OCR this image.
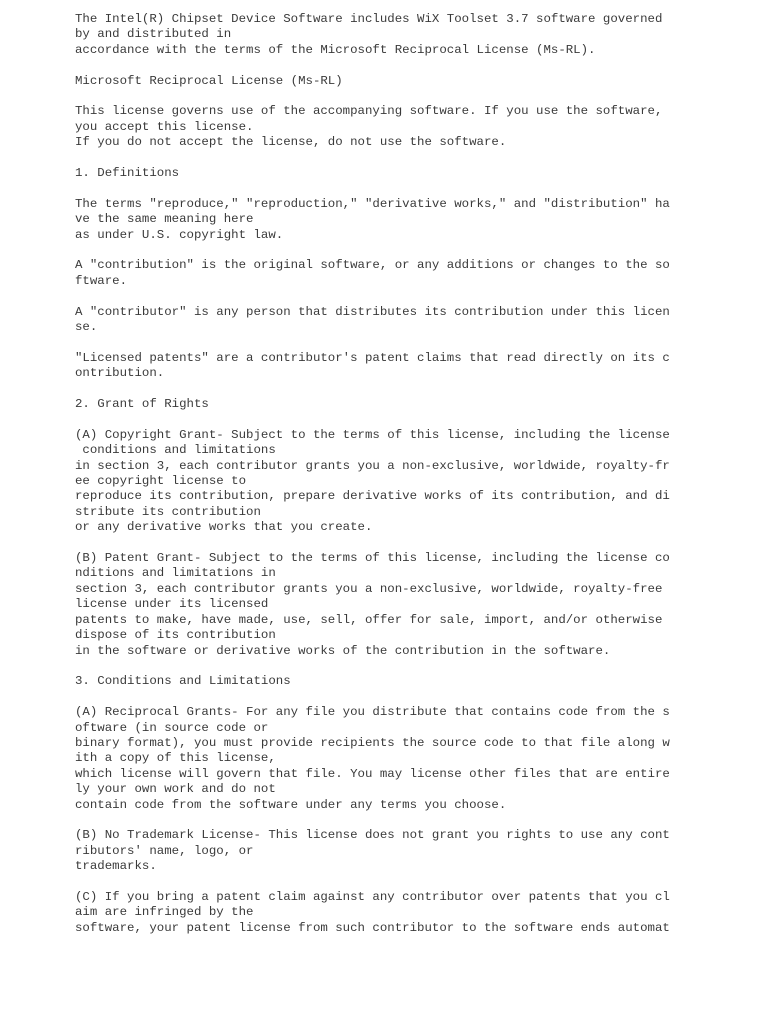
The Intel(R) Chipset Device Software includes WiX Toolset 3.7 software governed
by and distributed in
accordance with the terms of the Microsoft Reciprocal License (Ms-RL).
Microsoft Reciprocal License (Ms-RL)
This license governs use of the accompanying software. If you use the software,
you accept this license.
If you do not accept the license, do not use the software.
1. Definitions
The terms "reproduce," "reproduction," "derivative works," and "distribution" ha
ve the same meaning here
as under U.S. copyright law.
A "contribution" is the original software, or any additions or changes to the so
ftware.
A "contributor" is any person that distributes its contribution under this licen
se.
"Licensed patents" are a contributor's patent claims that read directly on its c
ontribution.
2. Grant of Rights
(A) Copyright Grant- Subject to the terms of this license, including the license
conditions and limitations
in section 3, each contributor grants you a non-exclusive, worldwide, royalty-fr
ee copyright license to
reproduce its contribution, prepare derivative works of its contribution, and di
stribute its contribution
or any derivative works that you create.
(B) Patent Grant- Subject to the terms of this license, including the license co
nditions and limitations in
section 3, each contributor grants you a non-exclusive, worldwide, royalty-free
license under its licensed
patents to make, have made, use, sell, offer for sale, import, and/or otherwise
dispose of its contribution
in the software or derivative works of the contribution in the software.
3. Conditions and Limitations
(A) Reciprocal Grants- For any file you distribute that contains code from the s
oftware (in source code or
binary format), you must provide recipients the source code to that file along w
ith a copy of this license,
which license will govern that file. You may license other files that are entire
ly your own work and do not
contain code from the software under any terms you choose.
(B) No Trademark License- This license does not grant you rights to use any cont
ributors' name, logo, or
trademarks.
(C) If you bring a patent claim against any contributor over patents that you cl
aim are infringed by the
software, your patent license from such contributor to the software ends automat
